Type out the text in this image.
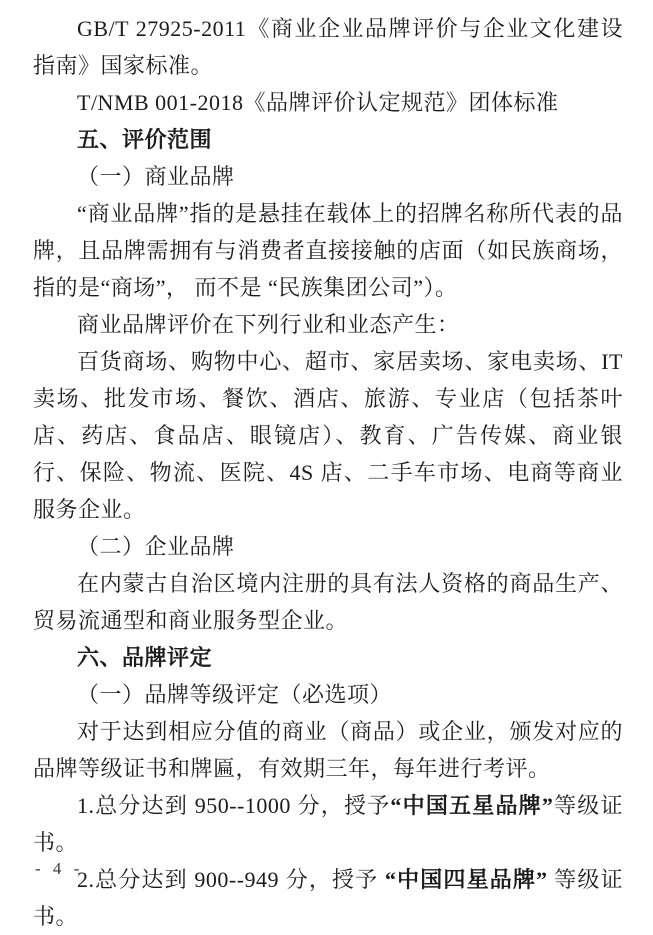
GB/T 27925-2011《商业企业品牌评价与企业文化建设指南》国家标准。

T/NMB 001-2018《品牌评价认定规范》团体标准

五、评价范围

（一）商业品牌

“商业品牌”指的是悬挂在载体上的招牌名称所代表的品牌，且品牌需拥有与消费者直接接触的店面（如民族商场，指的是“商场”， 而不是 “民族集团公司”）。

商业品牌评价在下列行业和业态产生：

百货商场、购物中心、超市、家居卖场、家电卖场、IT 卖场、批发市场、餐饮、酒店、旅游、专业店（包括茶叶店、药店、食品店、眼镜店）、教育、广告传媒、商业银行、保险、物流、医院、4S 店、二手车市场、电商等商业服务企业。

（二）企业品牌

在内蒙古自治区境内注册的具有法人资格的商品生产、贸易流通型和商业服务型企业。

六、品牌评定

（一）品牌等级评定（必选项）

对于达到相应分值的商业（商品）或企业，颁发对应的品牌等级证书和牌匾，有效期三年，每年进行考评。

1.总分达到 950--1000 分，授予“中国五星品牌”等级证书。

2.总分达到 900--949 分，授予 “中国四星品牌” 等级证书。

- 4 -
